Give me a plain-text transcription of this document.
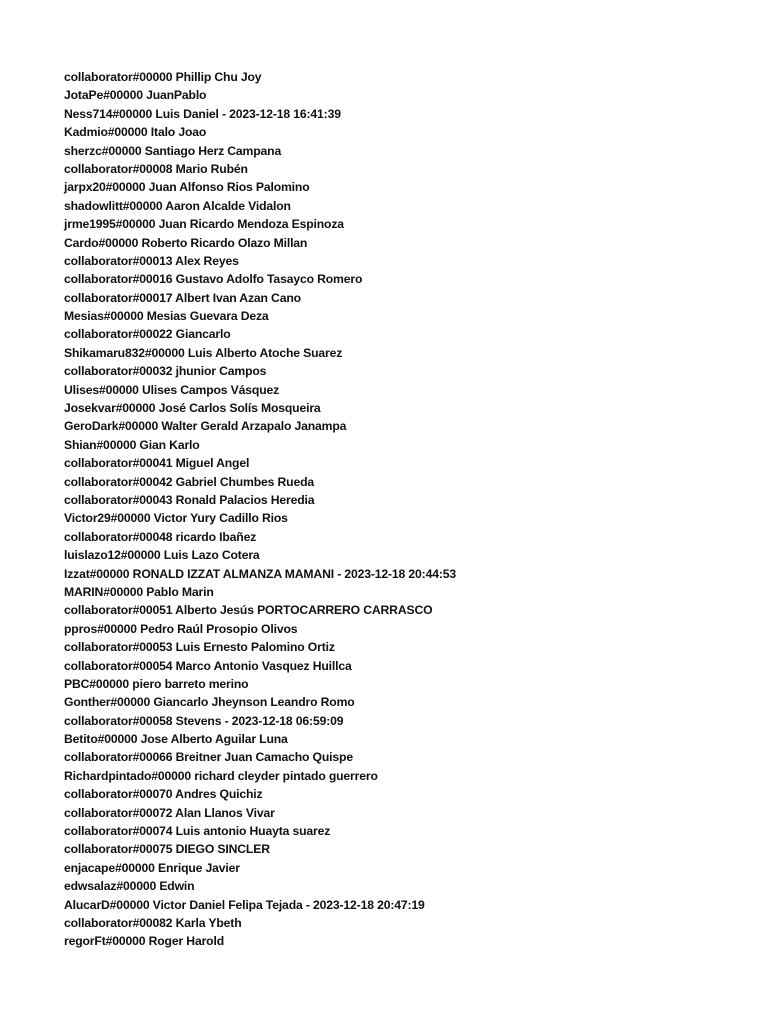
collaborator#00000 Phillip Chu Joy
JotaPe#00000 JuanPablo
Ness714#00000 Luis Daniel - 2023-12-18 16:41:39
Kadmio#00000 Italo Joao
sherzc#00000 Santiago Herz Campana
collaborator#00008 Mario Rubén
jarpx20#00000 Juan Alfonso Rios Palomino
shadowlitt#00000 Aaron Alcalde Vidalon
jrme1995#00000 Juan Ricardo Mendoza Espinoza
Cardo#00000 Roberto Ricardo Olazo Millan
collaborator#00013 Alex Reyes
collaborator#00016 Gustavo Adolfo Tasayco Romero
collaborator#00017 Albert Ivan Azan Cano
Mesias#00000 Mesias Guevara Deza
collaborator#00022 Giancarlo
Shikamaru832#00000 Luis Alberto Atoche Suarez
collaborator#00032 jhunior Campos
Ulises#00000 Ulises Campos Vásquez
Josekvar#00000 José Carlos Solís Mosqueira
GeroDark#00000 Walter Gerald Arzapalo Janampa
Shian#00000 Gian Karlo
collaborator#00041 Miguel Angel
collaborator#00042 Gabriel Chumbes Rueda
collaborator#00043 Ronald Palacios Heredia
Victor29#00000 Victor Yury Cadillo Rios
collaborator#00048 ricardo Ibañez
luislazo12#00000 Luis Lazo Cotera
Izzat#00000 RONALD IZZAT ALMANZA MAMANI - 2023-12-18 20:44:53
MARIN#00000 Pablo Marin
collaborator#00051 Alberto Jesús PORTOCARRERO CARRASCO
ppros#00000 Pedro Raúl Prosopio Olivos
collaborator#00053 Luis Ernesto Palomino Ortiz
collaborator#00054 Marco Antonio Vasquez Huillca
PBC#00000 piero barreto merino
Gonther#00000 Giancarlo Jheynson Leandro Romo
collaborator#00058 Stevens - 2023-12-18 06:59:09
Betito#00000 Jose Alberto Aguilar Luna
collaborator#00066 Breitner Juan Camacho Quispe
Richardpintado#00000 richard cleyder pintado guerrero
collaborator#00070 Andres Quichiz
collaborator#00072 Alan Llanos Vivar
collaborator#00074 Luis antonio Huayta suarez
collaborator#00075 DIEGO SINCLER
enjacape#00000 Enrique Javier
edwsalaz#00000 Edwin
AlucarD#00000 Victor Daniel Felipa Tejada - 2023-12-18 20:47:19
collaborator#00082 Karla Ybeth
regorFt#00000 Roger Harold
